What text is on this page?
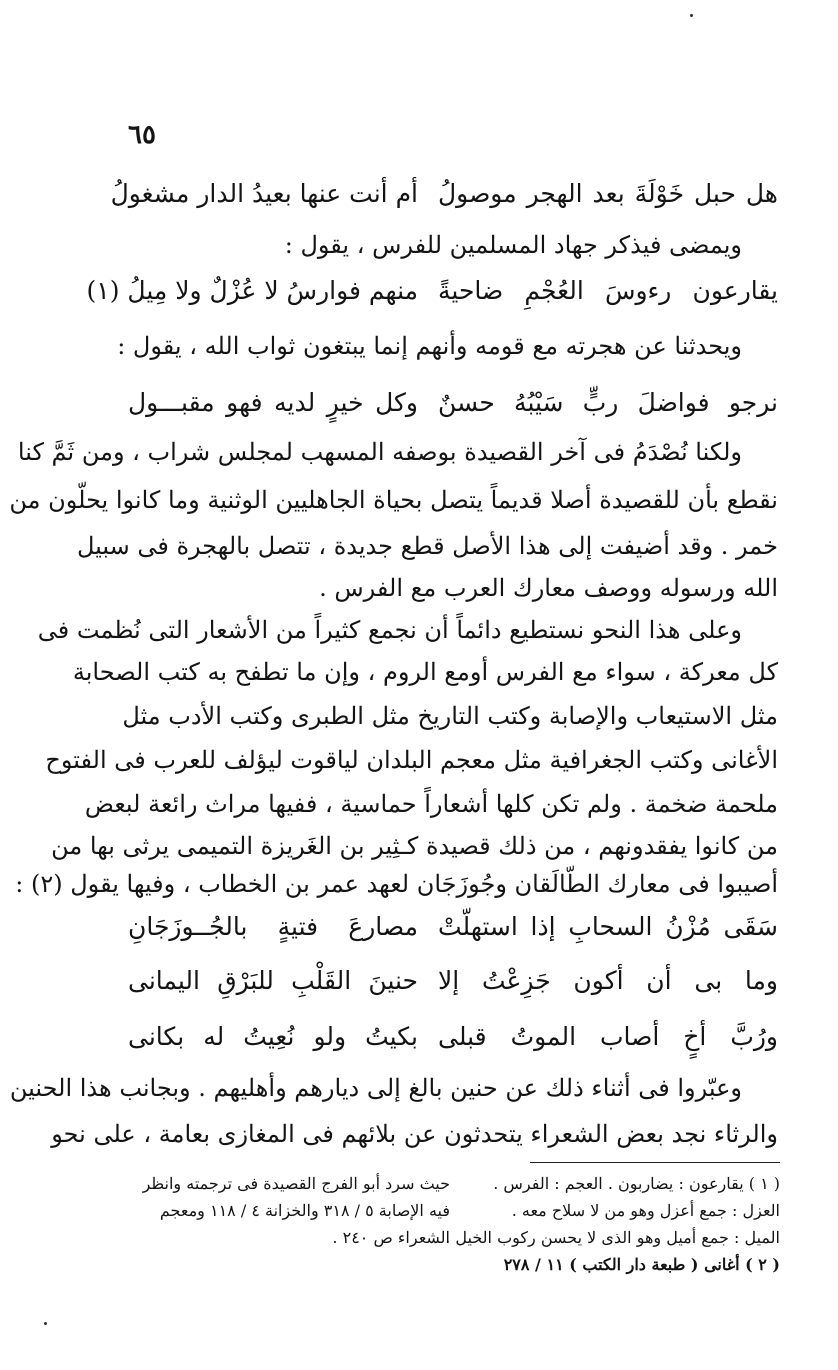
٦٥
هل حبل خَوْلَةَ بعد الهجر موصولُ
أم أنت عنها بعيدُ الدار مشغولُ
ويمضى فيذكر جهاد المسلمين للفرس ، يقول :
يقارعون رءوسَ العُجْمِ ضاحيةً
منهم فوارسُ لا عُزْلٌ ولا مِيلُ (١)
ويحدثنا عن هجرته مع قومه وأنهم إنما يبتغون ثواب الله ، يقول :
نرجو فواضلَ ربٍّ سَيْبُهُ حسنٌ
وكل خيرٍ لديه فهو مقبـــول
ولكنا نُصْدَمُ فى آخر القصيدة بوصفه المسهب لمجلس شراب ، ومن ثَمَّ كنا
نقطع بأن للقصيدة أصلا قديماً يتصل بحياة الجاهليين الوثنية وما كانوا يحلّون من
خمر . وقد أضيفت إلى هذا الأصل قطع جديدة ، تتصل بالهجرة فى سبيل
الله ورسوله ووصف معارك العرب مع الفرس .
وعلى هذا النحو نستطيع دائماً أن نجمع كثيراً من الأشعار التى نُظمت فى
كل معركة ، سواء مع الفرس أومع الروم ، وإن ما تطفح به كتب الصحابة
مثل الاستيعاب والإصابة وكتب التاريخ مثل الطبرى وكتب الأدب مثل
الأغانى وكتب الجغرافية مثل معجم البلدان لياقوت ليؤلف للعرب فى الفتوح
ملحمة ضخمة . ولم تكن كلها أشعاراً حماسية ، ففيها مراث رائعة لبعض
من كانوا يفقدونهم ، من ذلك قصيدة كـثِير بن الغَريزة التميمى يرثى بها من
أصيبوا فى معارك الطّالَقان وجُوزَجَان لعهد عمر بن الخطاب ، وفيها يقول (٢) :
سَقَى مُزْنُ السحابِ إذا استهلّتْ
مصارعَ فتيةٍ بالجُــوزَجَانِ
وما بى أن أكون جَزِعْتُ إلا
حنينَ القَلْبِ للبَرْقِ اليمانى
ورُبَّ أخٍ أصاب الموتُ قبلى
بكيتُ ولو نُعِيتُ له بكانى
وعبّروا فى أثناء ذلك عن حنين بالغ إلى ديارهم وأهليهم . وبجانب هذا الحنين
والرثاء نجد بعض الشعراء يتحدثون عن بلائهم فى المغازى بعامة ، على نحو
( ١ ) يقارعون : يضاربون . العجم : الفرس .
العزل : جمع أعزل وهو من لا سلاح معه .
الميل : جمع أميل وهو الذى لا يحسن ركوب الخيل .
( ٢ ) أغانى ( طبعة دار الكتب ) ١١ / ٢٧٨
حيث سرد أبو الفرج القصيدة فى ترجمته وانظر
فيه الإصابة ٥ / ٣١٨ والخزانة ٤ / ١١٨ ومعجم
الشعراء ص ٢٤٠ .
